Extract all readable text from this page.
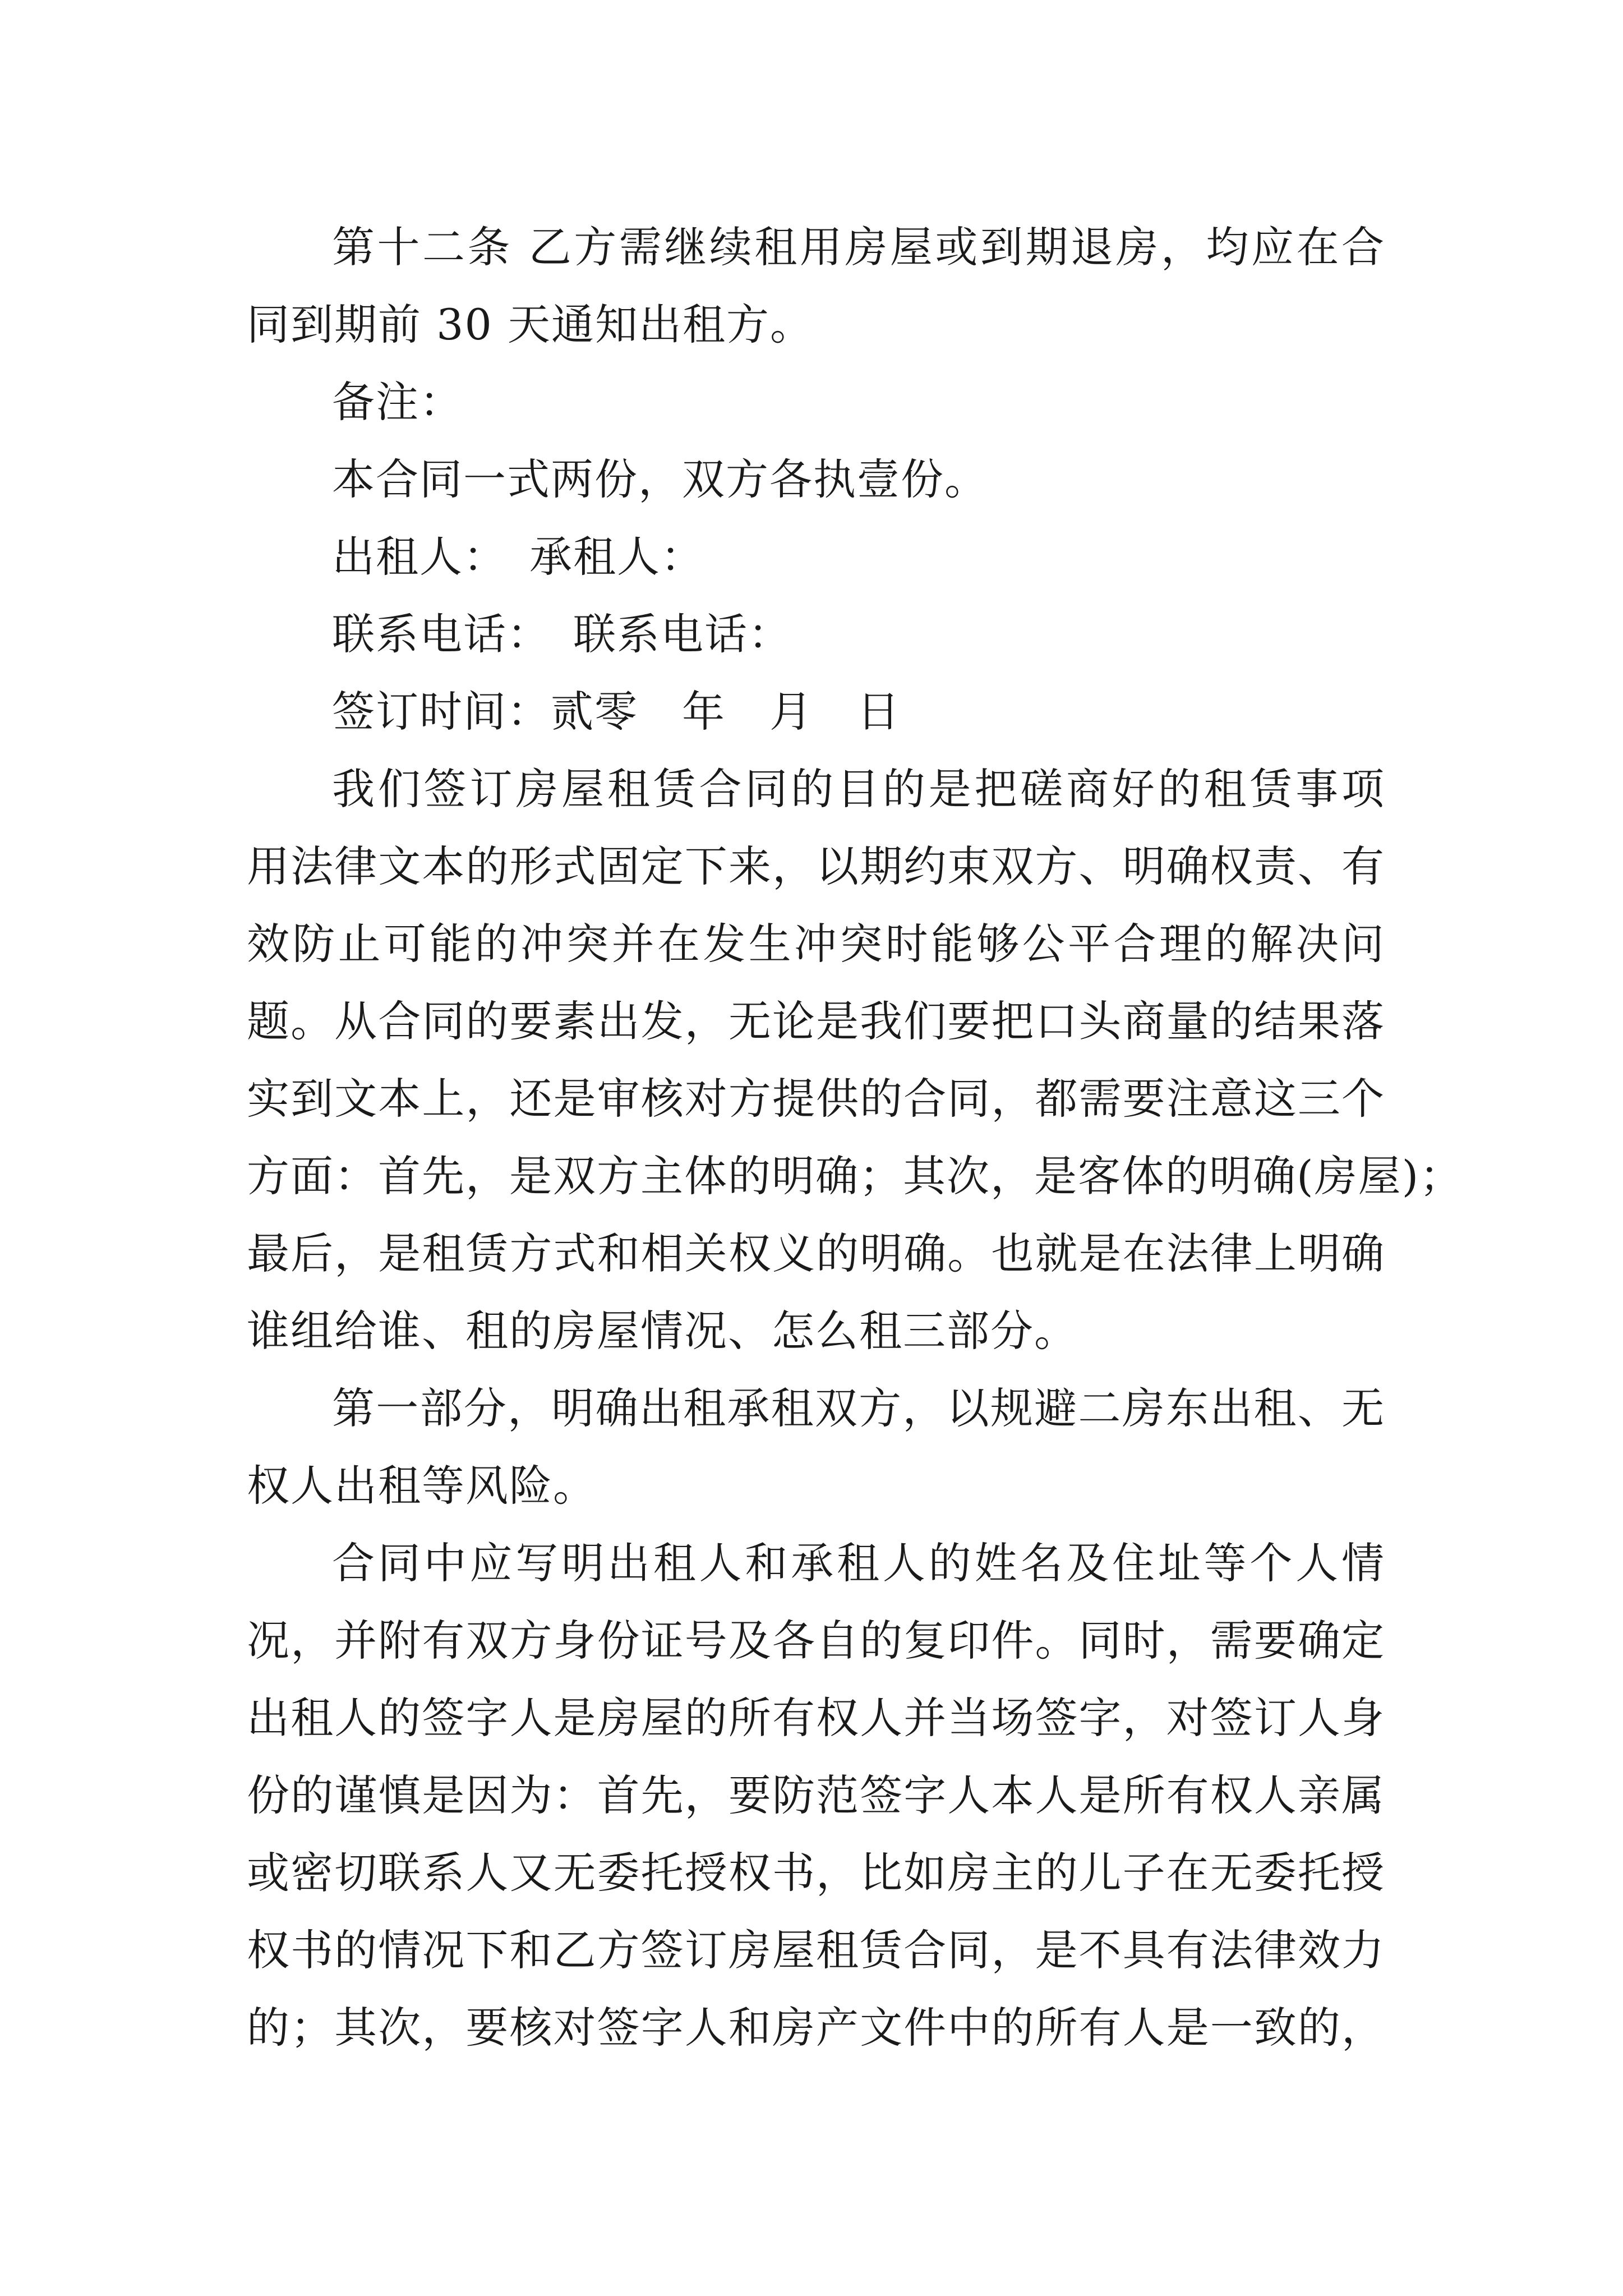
第十二条 乙方需继续租用房屋或到期退房，均应在合
同到期前 30 天通知出租方。
备注：
本合同一式两份，双方各执壹份。
出租人：　承租人：
联系电话：　联系电话：
签订时间：贰零　年　月　日
我们签订房屋租赁合同的目的是把磋商好的租赁事项
用法律文本的形式固定下来，以期约束双方、明确权责、有
效防止可能的冲突并在发生冲突时能够公平合理的解决问
题。从合同的要素出发，无论是我们要把口头商量的结果落
实到文本上，还是审核对方提供的合同，都需要注意这三个
方面：首先，是双方主体的明确；其次，是客体的明确(房屋)；
最后，是租赁方式和相关权义的明确。也就是在法律上明确
谁组给谁、租的房屋情况、怎么租三部分。
第一部分，明确出租承租双方，以规避二房东出租、无
权人出租等风险。
合同中应写明出租人和承租人的姓名及住址等个人情
况，并附有双方身份证号及各自的复印件。同时，需要确定
出租人的签字人是房屋的所有权人并当场签字，对签订人身
份的谨慎是因为：首先，要防范签字人本人是所有权人亲属
或密切联系人又无委托授权书，比如房主的儿子在无委托授
权书的情况下和乙方签订房屋租赁合同，是不具有法律效力
的；其次，要核对签字人和房产文件中的所有人是一致的，
